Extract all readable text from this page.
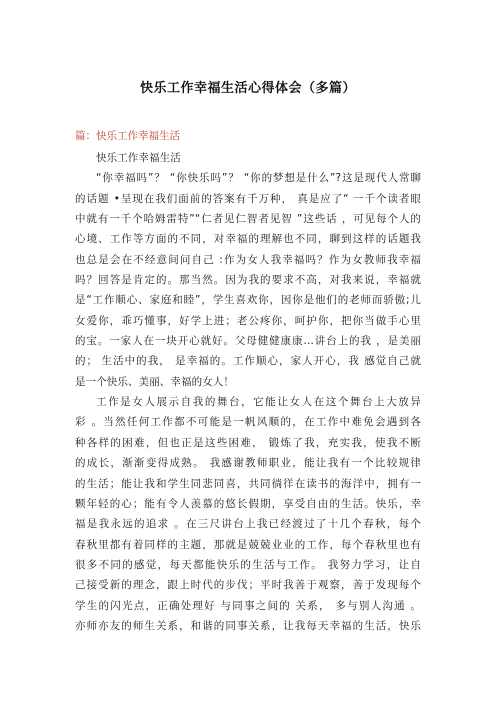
快乐工作幸福生活心得体会（多篇）
篇：快乐工作幸福生活
快乐工作幸福生活
“你幸福吗”？ “你快乐吗”？ “你的梦想是什么”?这是现代人常聊
的话题 •呈现在我们面前的答案有千万种， 真是应了“ 一千个读者眼
中就有一千个哈姆雷特”“仁者见仁智者见智 ”这些话 ，可见每个人的
心境、工作等方面的不同，对幸福的理解也不同，聊到这样的话题我
也总是会在不经意间问自己 :作为女人我幸福吗？作为女教师我幸福
吗？回答是肯定的。那当然。因为我的要求不高，对我来说，幸福就
是“工作顺心、家庭和睦”，学生喜欢你，因你是他们的老师而骄傲;儿
女爱你，乖巧懂事，好学上进；老公疼你，呵护你，把你当做手心里
的宝。一家人在一块开心就好。父母健健康康…讲台上的我 ，是美丽
的； 生活中的我， 是幸福的。工作顺心，家人开心，我 感觉自己就
是一个快乐、美丽、幸福的女人！
工作是女人展示自我的舞台，它能让女人在这个舞台上大放异
彩 。当然任何工作都不可能是一帆风顺的，在工作中难免会遇到各
种各样的困难，但也正是这些困难， 锻炼了我，充实我，使我不断
的成长，渐渐变得成熟。 我感谢教师职业，能让我有一个比较规律
的生活；能让我和学生同悲同喜，共同徜徉在读书的海洋中，拥有一
颗年轻的心；能有令人羡慕的悠长假期，享受自由的生活。快乐，幸
福是我永远的追求 。在三尺讲台上我已经渡过了十几个春秋，每个
春秋里都有着同样的主题，那就是兢兢业业的工作，每个春秋里也有
很多不同的感觉，每天都能快乐的生活与工作。 我努力学习，让自
己接受新的理念，跟上时代的步伐；平时我善于观察，善于发现每个
学生的闪光点，正确处理好 与同事之间的 关系， 多与别人沟通 。
亦师亦友的师生关系，和谐的同事关系，让我每天幸福的生活，快乐
